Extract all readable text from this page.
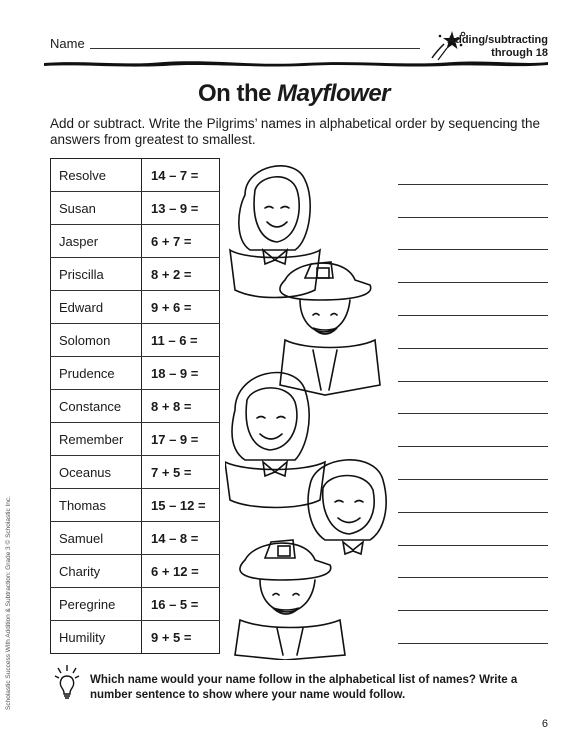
Name	Adding/subtracting
through 18
On the Mayflower
Add or subtract. Write the Pilgrims’ names in alphabetical order by sequencing the answers from greatest to smallest.
Resolve	14 – 7 =
Susan	13 – 9 =
Jasper	6 + 7 =
Priscilla	8 + 2 =
Edward	9 + 6 =
Solomon	11 – 6 =
Prudence	18 – 9 =
Constance	8 + 8 =
Remember	17 – 9 =
Oceanus	7 + 5 =
Thomas	15 – 12 =
Samuel	14 – 8 =
Charity	6 + 12 =
Peregrine	16 – 5 =
Humility	9 + 5 =
Which name would your name follow in the alphabetical list of names? Write a number sentence to show where your name would follow.
Scholastic Success With Addition & Subtraction: Grade 3 © Scholastic Inc.
6
